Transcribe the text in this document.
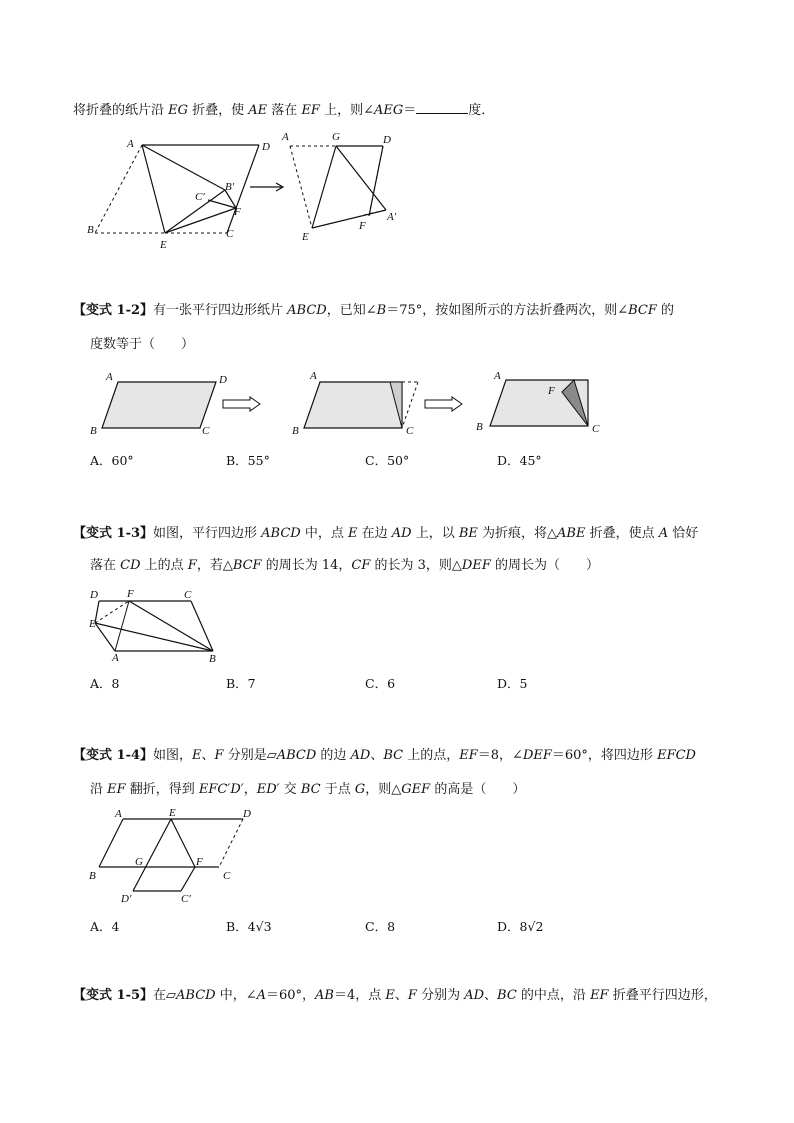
将折叠的纸片沿 EG 折叠，使 AE 落在 EF 上，则∠AEG＝	度．
A	D
B′
C′
F
B	C
E
A	G	D
A′
F
E
【变式 1-2】有一张平行四边形纸片 ABCD，已知∠B＝75°，按如图所示的方法折叠两次，则∠BCF 的
度数等于（　　）
A	D
B	C
A
B	C
A
F
B	C
A．60°	B．55°	C．50°	D．45°
【变式 1-3】如图，平行四边形 ABCD 中，点 E 在边 AD 上，以 BE 为折痕，将△ABE 折叠，使点 A 恰好
落在 CD 上的点 F，若△BCF 的周长为 14，CF 的长为 3，则△DEF 的周长为（　　）
D	F	C
E
A	B
A．8	B．7	C．6	D．5
【变式 1-4】如图，E、F 分别是▱ABCD 的边 AD、BC 上的点，EF＝8，∠DEF＝60°，将四边形 EFCD
沿 EF 翻折，得到 EFC′D′，ED′ 交 BC 于点 G，则△GEF 的高是（　　）
A	E	D
G	F
B	C
D′	C′
A．4	B．4√3	C．8	D．8√2
【变式 1-5】在▱ABCD 中，∠A＝60°，AB＝4，点 E、F 分别为 AD、BC 的中点，沿 EF 折叠平行四边形，
